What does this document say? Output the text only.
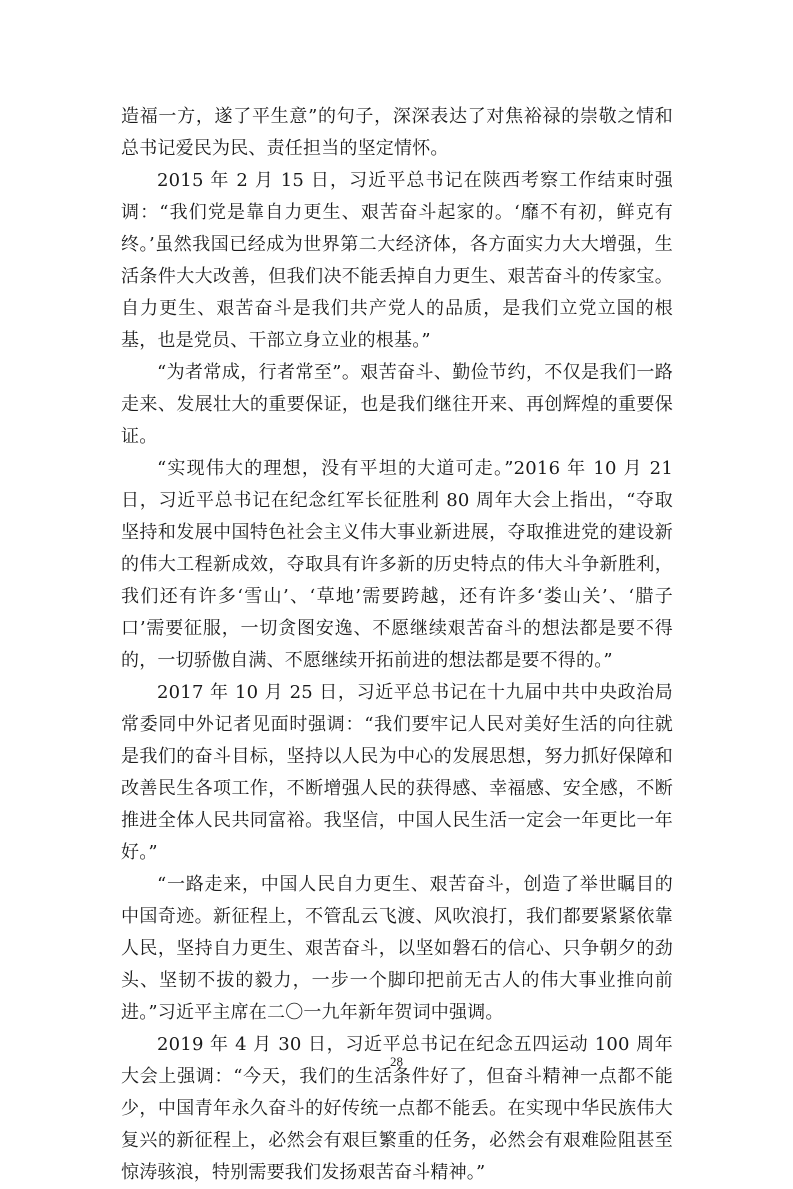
造福一方，遂了平生意”的句子，深深表达了对焦裕禄的崇敬之情和总书记爱民为民、责任担当的坚定情怀。

2015 年 2 月 15 日，习近平总书记在陕西考察工作结束时强调：“我们党是靠自力更生、艰苦奋斗起家的。‘靡不有初，鲜克有终。’虽然我国已经成为世界第二大经济体，各方面实力大大增强，生活条件大大改善，但我们决不能丢掉自力更生、艰苦奋斗的传家宝。自力更生、艰苦奋斗是我们共产党人的品质，是我们立党立国的根基，也是党员、干部立身立业的根基。”

“为者常成，行者常至”。艰苦奋斗、勤俭节约，不仅是我们一路走来、发展壮大的重要保证，也是我们继往开来、再创辉煌的重要保证。

“实现伟大的理想，没有平坦的大道可走。”2016 年 10 月 21 日，习近平总书记在纪念红军长征胜利 80 周年大会上指出，“夺取坚持和发展中国特色社会主义伟大事业新进展，夺取推进党的建设新的伟大工程新成效，夺取具有许多新的历史特点的伟大斗争新胜利，我们还有许多‘雪山’、‘草地’需要跨越，还有许多‘娄山关’、‘腊子口’需要征服，一切贪图安逸、不愿继续艰苦奋斗的想法都是要不得的，一切骄傲自满、不愿继续开拓前进的想法都是要不得的。”

2017 年 10 月 25 日，习近平总书记在十九届中共中央政治局常委同中外记者见面时强调：“我们要牢记人民对美好生活的向往就是我们的奋斗目标，坚持以人民为中心的发展思想，努力抓好保障和改善民生各项工作，不断增强人民的获得感、幸福感、安全感，不断推进全体人民共同富裕。我坚信，中国人民生活一定会一年更比一年好。”

“一路走来，中国人民自力更生、艰苦奋斗，创造了举世瞩目的中国奇迹。新征程上，不管乱云飞渡、风吹浪打，我们都要紧紧依靠人民，坚持自力更生、艰苦奋斗，以坚如磐石的信心、只争朝夕的劲头、坚韧不拔的毅力，一步一个脚印把前无古人的伟大事业推向前进。”习近平主席在二〇一九年新年贺词中强调。

2019 年 4 月 30 日，习近平总书记在纪念五四运动 100 周年大会上强调：“今天，我们的生活条件好了，但奋斗精神一点都不能少，中国青年永久奋斗的好传统一点都不能丢。在实现中华民族伟大复兴的新征程上，必然会有艰巨繁重的任务，必然会有艰难险阻甚至惊涛骇浪，特别需要我们发扬艰苦奋斗精神。”

28
